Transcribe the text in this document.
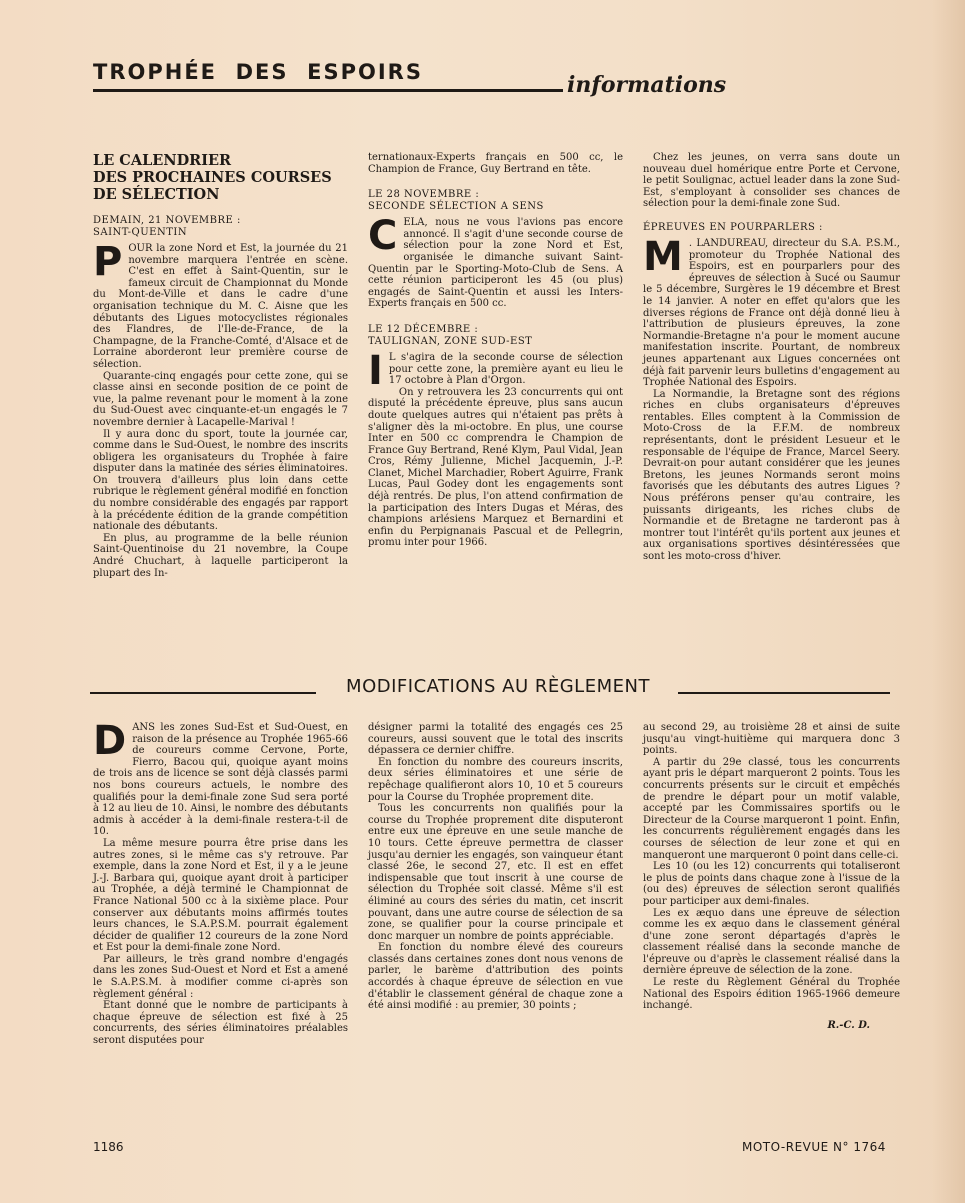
TROPHÉE  DES  ESPOIRS	informations
LE CALENDRIER
DES PROCHAINES COURSES
DE SÉLECTION
DEMAIN, 21 NOVEMBRE :
SAINT-QUENTIN

POUR la zone Nord et Est, la journée du 21 novembre marquera l'entrée en scène. C'est en effet à Saint-Quentin, sur le fameux circuit de Championnat du Monde du Mont-de-Ville et dans le cadre d'une organisation technique du M. C. Aisne que les débutants des Ligues motocyclistes régionales des Flandres, de l'Ile-de-France, de la Champagne, de la Franche-Comté, d'Alsace et de Lorraine aborderont leur première course de sélection.

Quarante-cinq engagés pour cette zone, qui se classe ainsi en seconde position de ce point de vue, la palme revenant pour le moment à la zone du Sud-Ouest avec cinquante-et-un engagés le 7 novembre dernier à Lacapelle-Marival !

Il y aura donc du sport, toute la journée car, comme dans le Sud-Ouest, le nombre des inscrits obligera les organisateurs du Trophée à faire disputer dans la matinée des séries éliminatoires. On trouvera d'ailleurs plus loin dans cette rubrique le règlement général modifié en fonction du nombre considérable des engagés par rapport à la précédente édition de la grande compétition nationale des débutants.

En plus, au programme de la belle réunion Saint-Quentinoise du 21 novembre, la Coupe André Chuchart, à laquelle participeront la plupart des In-

ternationaux-Experts français en 500 cc, le Champion de France, Guy Bertrand en tête.

LE 28 NOVEMBRE :
SECONDE SÉLECTION A SENS

CELA, nous ne vous l'avions pas encore annoncé. Il s'agit d'une seconde course de sélection pour la zone Nord et Est, organisée le dimanche suivant Saint-Quentin par le Sporting-Moto-Club de Sens. A cette réunion participeront les 45 (ou plus) engagés de Saint-Quentin et aussi les Inters-Experts français en 500 cc.

LE 12 DÉCEMBRE :
TAULIGNAN, ZONE SUD-EST

I L s'agira de la seconde course de sélection pour cette zone, la première ayant eu lieu le 17 octobre à Plan d'Orgon.

On y retrouvera les 23 concurrents qui ont disputé la précédente épreuve, plus sans aucun doute quelques autres qui n'étaient pas prêts à s'aligner dès la mi-octobre. En plus, une course Inter en 500 cc comprendra le Champion de France Guy Bertrand, René Klym, Paul Vidal, Jean Cros, Rémy Julienne, Michel Jacquemin, J.-P. Clanet, Michel Marchadier, Robert Aguirre, Frank Lucas, Paul Godey dont les engagements sont déjà rentrés. De plus, l'on attend confirmation de la participation des Inters Dugas et Méras, des champions arlésiens Marquez et Bernardini et enfin du Perpignanais Pascual et de Pellegrin, promu inter pour 1966.

Chez les jeunes, on verra sans doute un nouveau duel homérique entre Porte et Cervone, le petit Soulignac, actuel leader dans la zone Sud-Est, s'employant à consolider ses chances de sélection pour la demi-finale zone Sud.

ÉPREUVES EN POURPARLERS :

M . LANDUREAU, directeur du S.A. P.S.M., promoteur du Trophée National des Espoirs, est en pourparlers pour des épreuves de sélection à Sucé ou Saumur le 5 décembre, Surgères le 19 décembre et Brest le 14 janvier. A noter en effet qu'alors que les diverses régions de France ont déjà donné lieu à l'attribution de plusieurs épreuves, la zone Normandie-Bretagne n'a pour le moment aucune manifestation inscrite. Pourtant, de nombreux jeunes appartenant aux Ligues concernées ont déjà fait parvenir leurs bulletins d'engagement au Trophée National des Espoirs.

La Normandie, la Bretagne sont des régions riches en clubs organisateurs d'épreuves rentables. Elles comptent à la Commission de Moto-Cross de la F.F.M. de nombreux représentants, dont le président Lesueur et le responsable de l'équipe de France, Marcel Seery. Devrait-on pour autant considérer que les jeunes Bretons, les jeunes Normands seront moins favorisés que les débutants des autres Ligues ? Nous préférons penser qu'au contraire, les puissants dirigeants, les riches clubs de Normandie et de Bretagne ne tarderont pas à montrer tout l'intérêt qu'ils portent aux jeunes et aux organisations sportives désintéressées que sont les moto-cross d'hiver.

MODIFICATIONS AU RÈGLEMENT

DANS les zones Sud-Est et Sud-Ouest, en raison de la présence au Trophée 1965-66 de coureurs comme Cervone, Porte, Fierro, Bacou qui, quoique ayant moins de trois ans de licence se sont déjà classés parmi nos bons coureurs actuels, le nombre des qualifiés pour la demi-finale zone Sud sera porté à 12 au lieu de 10. Ainsi, le nombre des débutants admis à accéder à la demi-finale restera-t-il de 10.

La même mesure pourra être prise dans les autres zones, si le même cas s'y retrouve. Par exemple, dans la zone Nord et Est, il y a le jeune J.-J. Barbara qui, quoique ayant droit à participer au Trophée, a déjà terminé le Championnat de France National 500 cc à la sixième place. Pour conserver aux débutants moins affirmés toutes leurs chances, le S.A.P.S.M. pourrait également décider de qualifier 12 coureurs de la zone Nord et Est pour la demi-finale zone Nord.

Par ailleurs, le très grand nombre d'engagés dans les zones Sud-Ouest et Nord et Est a amené le S.A.P.S.M. à modifier comme ci-après son règlement général :

Etant donné que le nombre de participants à chaque épreuve de sélection est fixé à 25 concurrents, des séries éliminatoires préalables seront disputées pour

désigner parmi la totalité des engagés ces 25 coureurs, aussi souvent que le total des inscrits dépassera ce dernier chiffre.

En fonction du nombre des coureurs inscrits, deux séries éliminatoires et une série de repêchage qualifieront alors 10, 10 et 5 coureurs pour la Course du Trophée proprement dite.

Tous les concurrents non qualifiés pour la course du Trophée proprement dite disputeront entre eux une épreuve en une seule manche de 10 tours. Cette épreuve permettra de classer jusqu'au dernier les engagés, son vainqueur étant classé 26e, le second 27, etc. Il est en effet indispensable que tout inscrit à une course de sélection du Trophée soit classé. Même s'il est éliminé au cours des séries du matin, cet inscrit pouvant, dans une autre course de sélection de sa zone, se qualifier pour la course principale et donc marquer un nombre de points appréciable.

En fonction du nombre élevé des coureurs classés dans certaines zones dont nous venons de parler, le barème d'attribution des points accordés à chaque épreuve de sélection en vue d'établir le classement général de chaque zone a été ainsi modifié : au premier, 30 points ;

au second 29, au troisième 28 et ainsi de suite jusqu'au vingt-huitième qui marquera donc 3 points.

A partir du 29e classé, tous les concurrents ayant pris le départ marqueront 2 points. Tous les concurrents présents sur le circuit et empêchés de prendre le départ pour un motif valable, accepté par les Commissaires sportifs ou le Directeur de la Course marqueront 1 point. Enfin, les concurrents régulièrement engagés dans les courses de sélection de leur zone et qui en manqueront une marqueront 0 point dans celle-ci.

Les 10 (ou les 12) concurrents qui totaliseront le plus de points dans chaque zone à l'issue de la (ou des) épreuves de sélection seront qualifiés pour participer aux demi-finales.

Les ex æquo dans une épreuve de sélection comme les ex æquo dans le classement général d'une zone seront départagés d'après le classement réalisé dans la seconde manche de l'épreuve ou d'après le classement réalisé dans la dernière épreuve de sélection de la zone.

Le reste du Règlement Général du Trophée National des Espoirs édition 1965-1966 demeure inchangé.

R.-C. D.
1186	MOTO-REVUE N° 1764
